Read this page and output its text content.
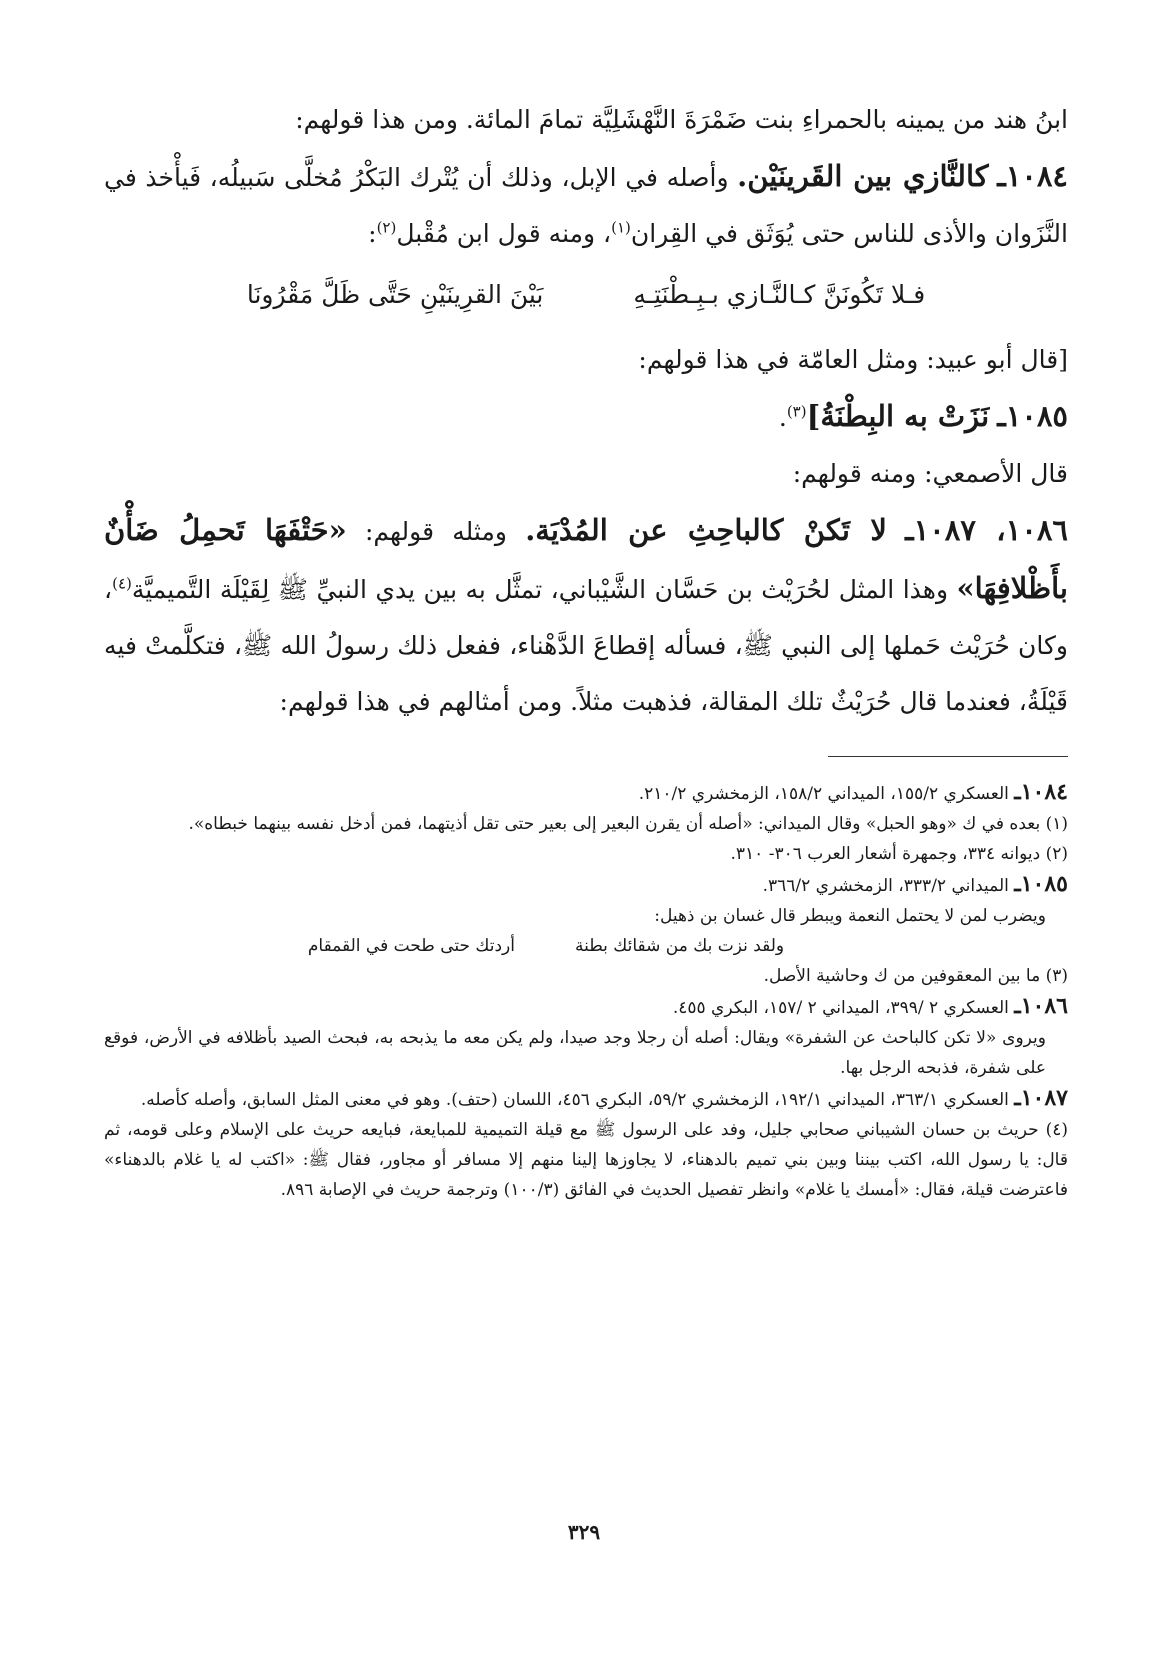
ابنُ هند من يمينه بالحمراءِ بنت ضَمْرَةَ النَّهْشَلِيَّة تمامَ المائة. ومن هذا قولهم:

١٠٨٤ـ كالنَّازي بين القَرينَيْن. وأصله في الإبل، وذلك أن يُتْرك البَكْرُ مُخلَّى سَبيلُه، فَيأْخذ في النَّزَوان والأذى للناس حتى يُوَثَق في القِران$^{(١)}$، ومنه قول ابن مُقْبل$^{(٢)}$:

فـلا تَكُونَنَّ كـالنَّـازي بـبِـطْنَتِـهِ
بَيْنَ القرِينَيْنِ حَتَّى ظَلَّ مَقْرُونَا

[قال أبو عبيد: ومثل العامّة في هذا قولهم:

١٠٨٥ـ نَزَتْ به البِطْنَةُ]$^{(٣)}$.

قال الأصمعي: ومنه قولهم:

١٠٨٦، ١٠٨٧ـ لا تَكنْ كالباحِثِ عن المُدْيَة. ومثله قولهم: «حَتْفَهَا تَحمِلُ ضَأْنٌ بأَظْلافِهَا» وهذا المثل لحُرَيْث بن حَسَّان الشَّيْباني، تمثَّل به بين يدي النبيِّ ﷺ لِقَيْلَة التَّميميَّة$^{(٤)}$، وكان حُرَيْث حَملها إلى النبي ﷺ، فسأله إقطاعَ الدَّهْناء، ففعل ذلك رسولُ الله ﷺ، فتكلَّمتْ فيه قَيْلَةُ، فعندما قال حُرَيْثٌ تلك المقالة، فذهبت مثلاً. ومن أمثالهم في هذا قولهم:

١٠٨٤ـ العسكري ١٥٥/٢، الميداني ١٥٨/٢، الزمخشري ٢١٠/٢.

(١) بعده في ك «وهو الحبل» وقال الميداني: «أصله أن يقرن البعير إلى بعير حتى تقل أذيتهما، فمن أدخل نفسه بينهما خبطاه».

(٢) ديوانه ٣٣٤، وجمهرة أشعار العرب ٣٠٦- ٣١٠.

١٠٨٥ـ الميداني ٣٣٣/٢، الزمخشري ٣٦٦/٢.

ويضرب لمن لا يحتمل النعمة ويبطر قال غسان بن ذهيل:

ولقد نزت بك من شقائك بطنة
أردتك حتى طحت في القمقام

(٣) ما بين المعقوفين من ك وحاشية الأصل.

١٠٨٦ـ العسكري ٢ /٣٩٩، الميداني ٢ /١٥٧، البكري ٤٥٥.

ويروى «لا تكن كالباحث عن الشفرة» ويقال: أصله أن رجلا وجد صيدا، ولم يكن معه ما يذبحه به، فبحث الصيد بأظلافه في الأرض، فوقع على شفرة، فذبحه الرجل بها.

١٠٨٧ـ العسكري ٣٦٣/١، الميداني ١٩٢/١، الزمخشري ٥٩/٢، البكري ٤٥٦، اللسان (حتف). وهو في معنى المثل السابق، وأصله كأصله.

(٤) حريث بن حسان الشيباني صحابي جليل، وفد على الرسول ﷺ مع قيلة التميمية للمبايعة، فبايعه حريث على الإسلام وعلى قومه، ثم قال: يا رسول الله، اكتب بيننا وبين بني تميم بالدهناء، لا يجاوزها إلينا منهم إلا مسافر أو مجاور، فقال ﷺ: «اكتب له يا غلام بالدهناء» فاعترضت قيلة، فقال: «أمسك يا غلام» وانظر تفصيل الحديث في الفائق (١٠٠/٣) وترجمة حريث في الإصابة ٨٩٦.

٣٢٩
